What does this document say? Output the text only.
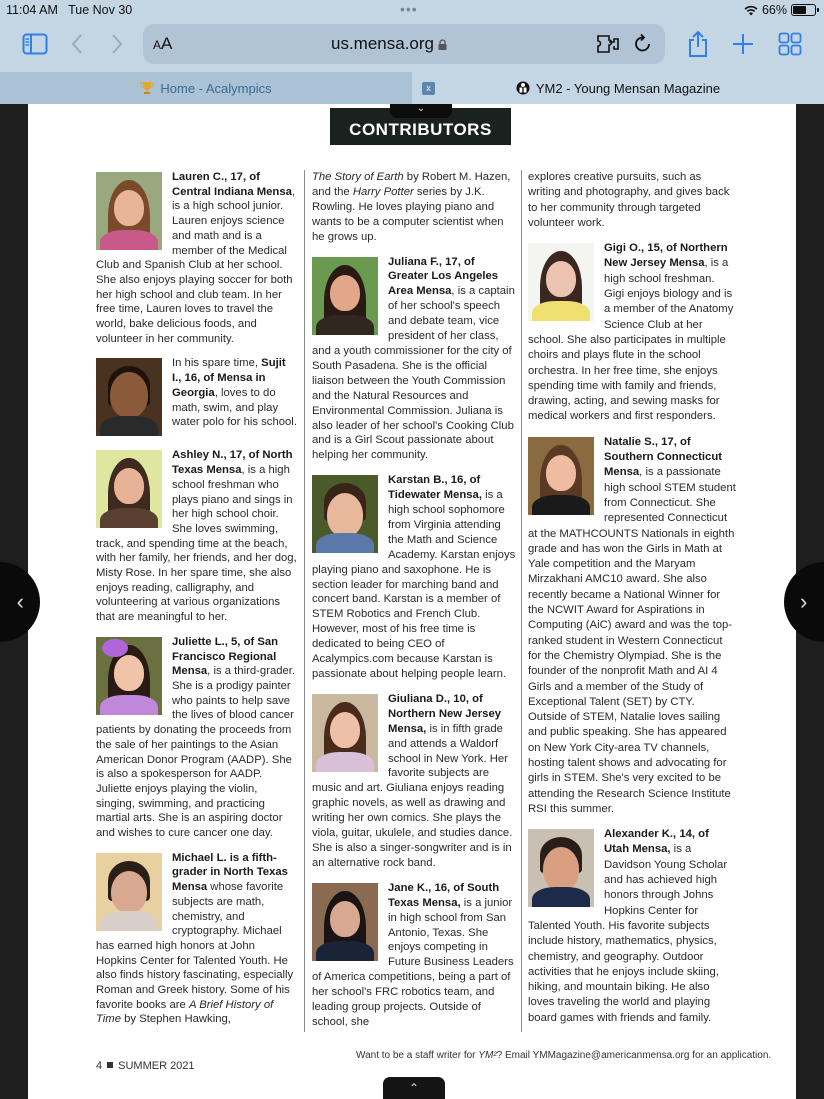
11:04 AM Tue Nov 30	•••	66%
AA	us.mensa.org
Home - Acalympics	x	YM2 - Young Mensan Magazine
CONTRIBUTORS
⌄

Lauren C., 17, of Central Indiana Mensa, is a high school junior. Lauren enjoys science and math and is a member of the Medical Club and Spanish Club at her school. She also enjoys playing soccer for both her high school and club team. In her free time, Lauren loves to travel the world, bake delicious foods, and volunteer in her community.

In his spare time, Sujit I., 16, of Mensa in Georgia, loves to do math, swim, and play water polo for his school.

Ashley N., 17, of North Texas Mensa, is a high school freshman who plays piano and sings in her high school choir. She loves swimming, track, and spending time at the beach, with her family, her friends, and her dog, Misty Rose. In her spare time, she also enjoys reading, calligraphy, and volunteering at various organizations that are meaningful to her.

Juliette L., 5, of San Francisco Regional Mensa, is a third-grader. She is a prodigy painter who paints to help save the lives of blood cancer patients by donating the proceeds from the sale of her paintings to the Asian American Donor Program (AADP). She is also a spokesperson for AADP. Juliette enjoys playing the violin, singing, swimming, and practicing martial arts. She is an aspiring doctor and wishes to cure cancer one day.

Michael L. is a fifth-grader in North Texas Mensa whose favorite subjects are math, chemistry, and cryptography. Michael has earned high honors at John Hopkins Center for Talented Youth. He also finds history fascinating, especially Roman and Greek history. Some of his favorite books are A Brief History of Time by Stephen Hawking,

The Story of Earth by Robert M. Hazen, and the Harry Potter series by J.K. Rowling. He loves playing piano and wants to be a computer scientist when he grows up.

Juliana F., 17, of Greater Los Angeles Area Mensa, is a captain of her school's speech and debate team, vice president of her class, and a youth commissioner for the city of South Pasadena. She is the official liaison between the Youth Commission and the Natural Resources and Environmental Commission. Juliana is also leader of her school's Cooking Club and is a Girl Scout passionate about helping her community.

Karstan B., 16, of Tidewater Mensa, is a high school sophomore from Virginia attending the Math and Science Academy. Karstan enjoys playing piano and saxophone. He is section leader for marching band and concert band. Karstan is a member of STEM Robotics and French Club. However, most of his free time is dedicated to being CEO of Acalympics.com because Karstan is passionate about helping people learn.

Giuliana D., 10, of Northern New Jersey Mensa, is in fifth grade and attends a Waldorf school in New York. Her favorite subjects are music and art. Giuliana enjoys reading graphic novels, as well as drawing and writing her own comics. She plays the viola, guitar, ukulele, and studies dance. She is also a singer-songwriter and is in an alternative rock band.

Jane K., 16, of South Texas Mensa, is a junior in high school from San Antonio, Texas. She enjoys competing in Future Business Leaders of America competitions, being a part of her school's FRC robotics team, and leading group projects. Outside of school, she

explores creative pursuits, such as writing and photography, and gives back to her community through targeted volunteer work.

Gigi O., 15, of Northern New Jersey Mensa, is a high school freshman. Gigi enjoys biology and is a member of the Anatomy Science Club at her school. She also participates in multiple choirs and plays flute in the school orchestra. In her free time, she enjoys spending time with family and friends, drawing, acting, and sewing masks for medical workers and first responders.

Natalie S., 17, of Southern Connecticut Mensa, is a passionate high school STEM student from Connecticut. She represented Connecticut at the MATHCOUNTS Nationals in eighth grade and has won the Girls in Math at Yale competition and the Maryam Mirzakhani AMC10 award. She also recently became a National Winner for the NCWIT Award for Aspirations in Computing (AiC) award and was the top-ranked student in Western Connecticut for the Chemistry Olympiad. She is the founder of the nonprofit Math and AI 4 Girls and a member of the Study of Exceptional Talent (SET) by CTY. Outside of STEM, Natalie loves sailing and public speaking. She has appeared on New York City-area TV channels, hosting talent shows and advocating for girls in STEM. She's very excited to be attending the Research Science Institute RSI this summer.

Alexander K., 14, of Utah Mensa, is a Davidson Young Scholar and has achieved high honors through Johns Hopkins Center for Talented Youth. His favorite subjects include history, mathematics, physics, chemistry, and geography. Outdoor activities that he enjoys include skiing, hiking, and mountain biking. He also loves traveling the world and playing board games with friends and family.

4 SUMMER 2021
Want to be a staff writer for YM²? Email YMMagazine@americanmensa.org for an application.
‹	›
⌃
